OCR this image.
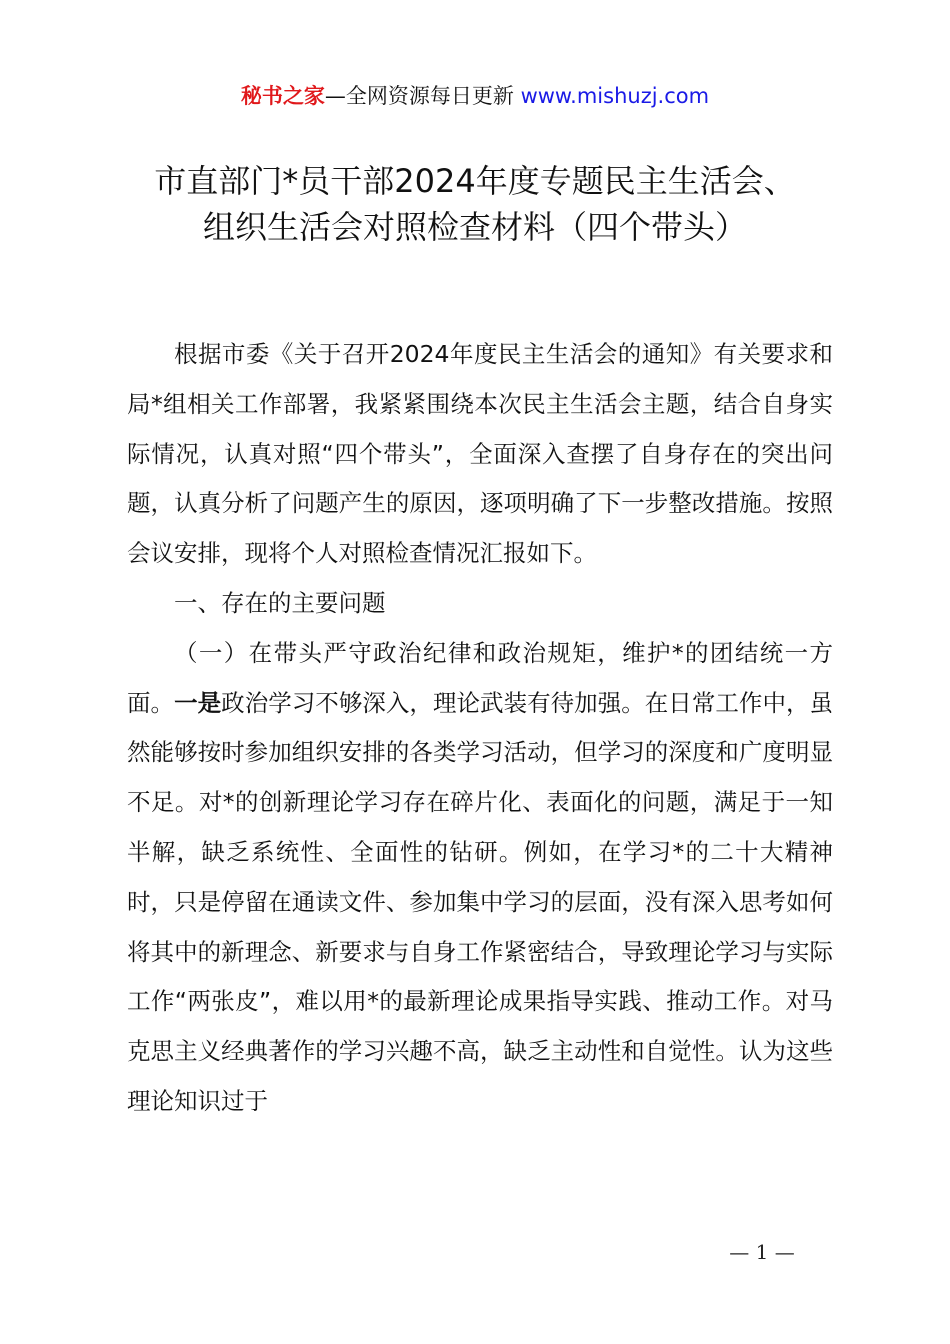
秘书之家—全网资源每日更新 www.mishuzj.com
市直部门*员干部2024年度专题民主生活会、
组织生活会对照检查材料（四个带头）

根据市委《关于召开2024年度民主生活会的通知》有关要求和局*组相关工作部署，我紧紧围绕本次民主生活会主题，结合自身实际情况，认真对照“四个带头”，全面深入查摆了自身存在的突出问题，认真分析了问题产生的原因，逐项明确了下一步整改措施。按照会议安排，现将个人对照检查情况汇报如下。

一、存在的主要问题

（一）在带头严守政治纪律和政治规矩，维护*的团结统一方面。一是政治学习不够深入，理论武装有待加强。在日常工作中，虽然能够按时参加组织安排的各类学习活动，但学习的深度和广度明显不足。对*的创新理论学习存在碎片化、表面化的问题，满足于一知半解，缺乏系统性、全面性的钻研。例如，在学习*的二十大精神时，只是停留在通读文件、参加集中学习的层面，没有深入思考如何将其中的新理念、新要求与自身工作紧密结合，导致理论学习与实际工作“两张皮”，难以用*的最新理论成果指导实践、推动工作。对马克思主义经典著作的学习兴趣不高，缺乏主动性和自觉性。认为这些理论知识过于

— 1 —
